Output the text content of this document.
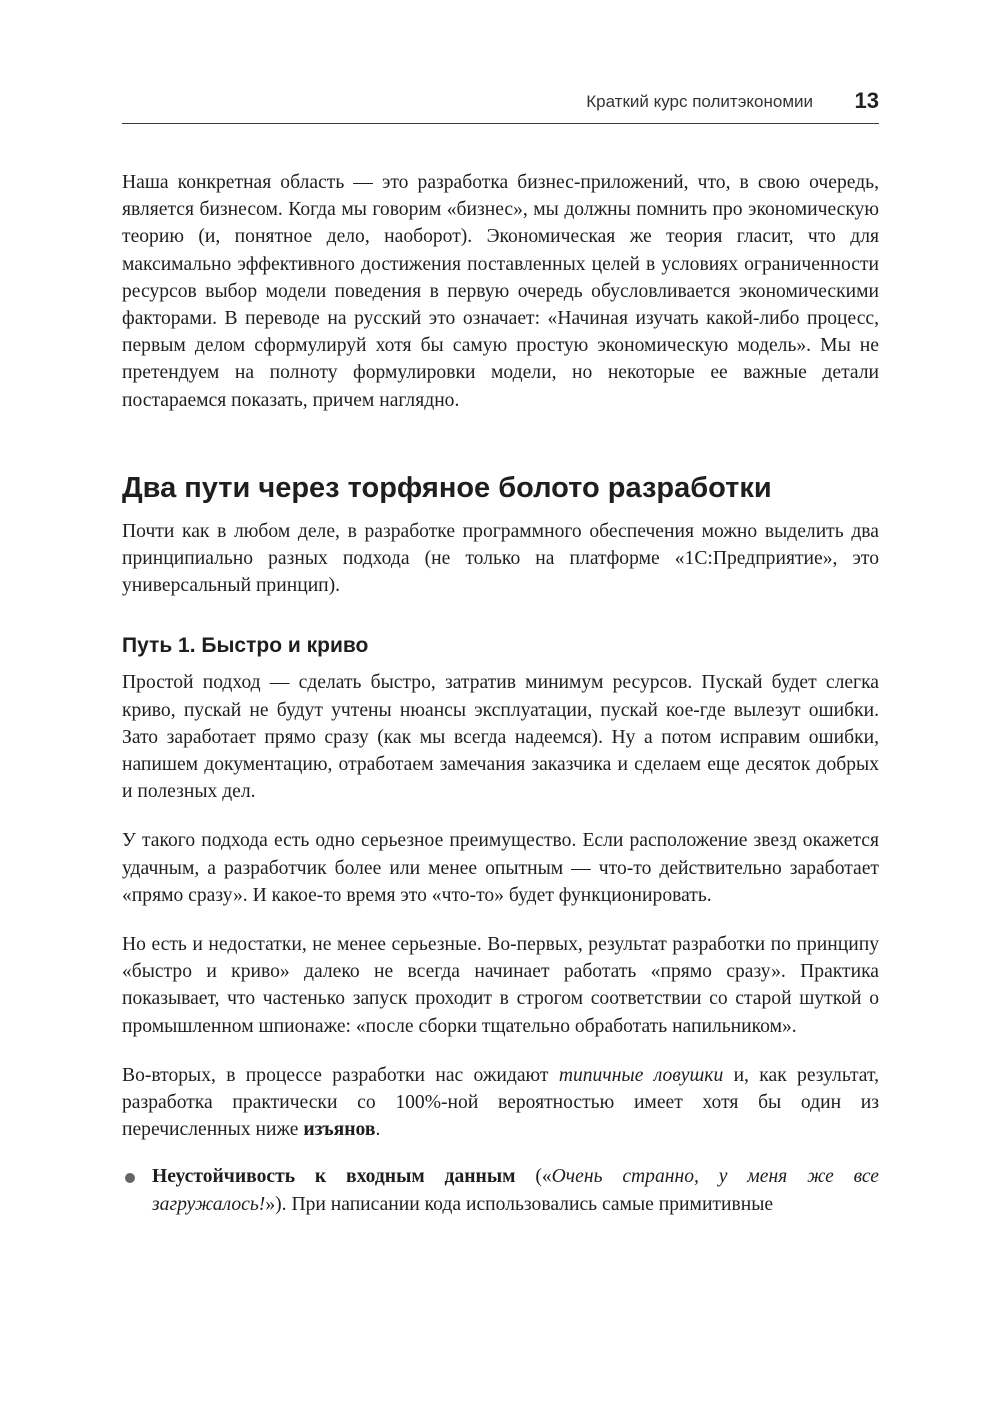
Краткий курс политэкономии 13

Наша конкретная область — это разработка бизнес-приложений, что, в свою очередь, является бизнесом. Когда мы говорим «бизнес», мы должны помнить про экономическую теорию (и, понятное дело, наоборот). Экономическая же теория гласит, что для максимально эффективного достижения поставленных целей в условиях ограниченности ресурсов выбор модели поведения в первую очередь обусловливается экономическими факторами. В переводе на русский это означает: «Начиная изучать какой-либо процесс, первым делом сформулируй хотя бы самую простую экономическую модель». Мы не претендуем на полноту формулировки модели, но некоторые ее важные детали постараемся показать, причем наглядно.

Два пути через торфяное болото разработки

Почти как в любом деле, в разработке программного обеспечения можно выделить два принципиально разных подхода (не только на платформе «1С:Предприятие», это универсальный принцип).

Путь 1. Быстро и криво

Простой подход — сделать быстро, затратив минимум ресурсов. Пускай будет слегка криво, пускай не будут учтены нюансы эксплуатации, пускай кое-где вылезут ошибки. Зато заработает прямо сразу (как мы всегда надеемся). Ну а потом исправим ошибки, напишем документацию, отработаем замечания заказчика и сделаем еще десяток добрых и полезных дел.

У такого подхода есть одно серьезное преимущество. Если расположение звезд окажется удачным, а разработчик более или менее опытным — что-то действительно заработает «прямо сразу». И какое-то время это «что-то» будет функционировать.

Но есть и недостатки, не менее серьезные. Во-первых, результат разработки по принципу «быстро и криво» далеко не всегда начинает работать «прямо сразу». Практика показывает, что частенько запуск проходит в строгом соответствии со старой шуткой о промышленном шпионаже: «после сборки тщательно обработать напильником».

Во-вторых, в процессе разработки нас ожидают типичные ловушки и, как результат, разработка практически со 100%-ной вероятностью имеет хотя бы один из перечисленных ниже изъянов.

Неустойчивость к входным данным («Очень странно, у меня же все загружалось!»). При написании кода использовались самые примитивные
